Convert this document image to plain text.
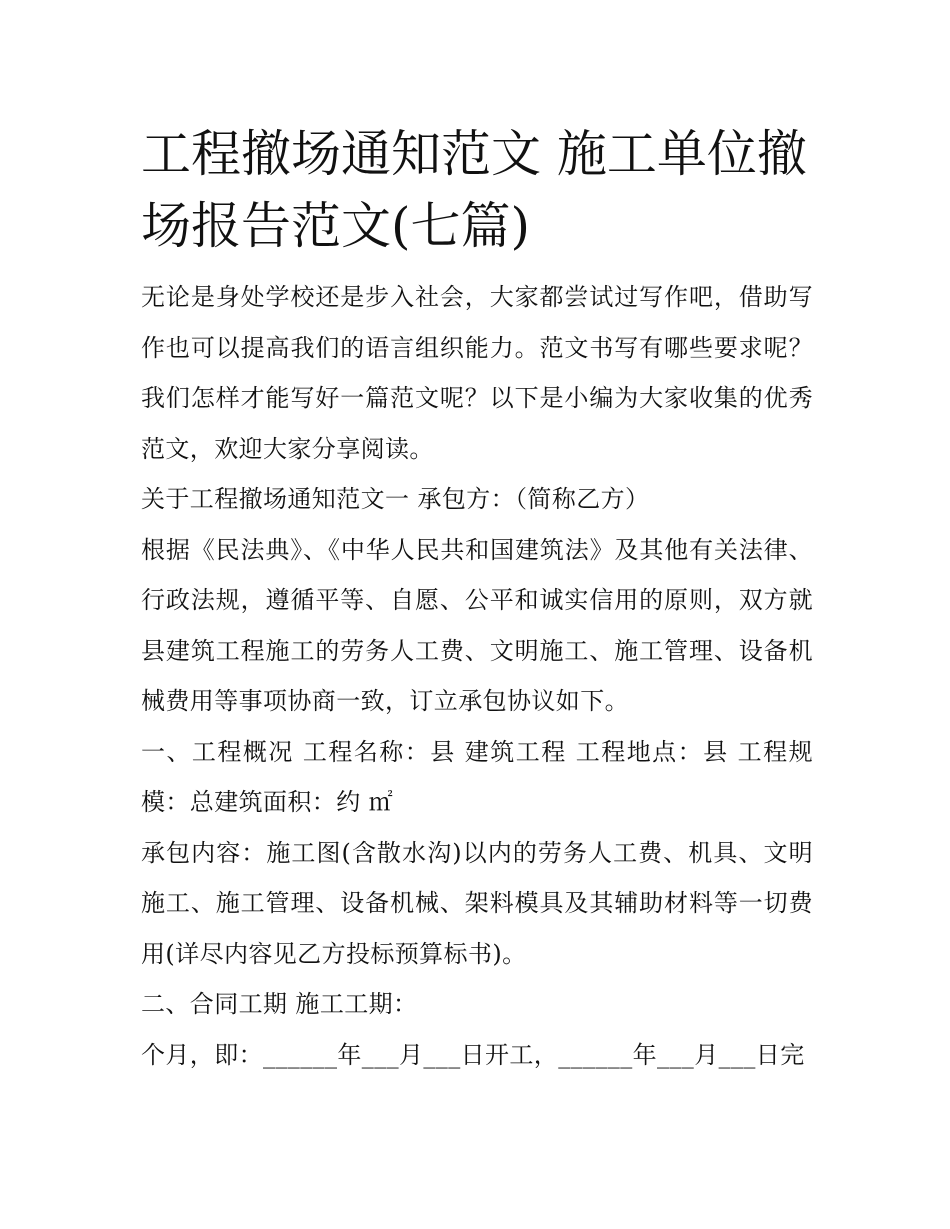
工程撤场通知范文 施工单位撤场报告范文(七篇)

无论是身处学校还是步入社会，大家都尝试过写作吧，借助写作也可以提高我们的语言组织能力。范文书写有哪些要求呢？我们怎样才能写好一篇范文呢？以下是小编为大家收集的优秀范文，欢迎大家分享阅读。

关于工程撤场通知范文一 承包方：（简称乙方）

根据《民法典》、《中华人民共和国建筑法》及其他有关法律、行政法规，遵循平等、自愿、公平和诚实信用的原则，双方就县建筑工程施工的劳务人工费、文明施工、施工管理、设备机械费用等事项协商一致，订立承包协议如下。

一、工程概况 工程名称：县 建筑工程 工程地点：县 工程规模：总建筑面积：约 ㎡

承包内容：施工图(含散水沟)以内的劳务人工费、机具、文明施工、施工管理、设备机械、架料模具及其辅助材料等一切费用(详尽内容见乙方投标预算标书)。

二、合同工期 施工工期：

个月，即：______年___月___日开工，______年___月___日完
